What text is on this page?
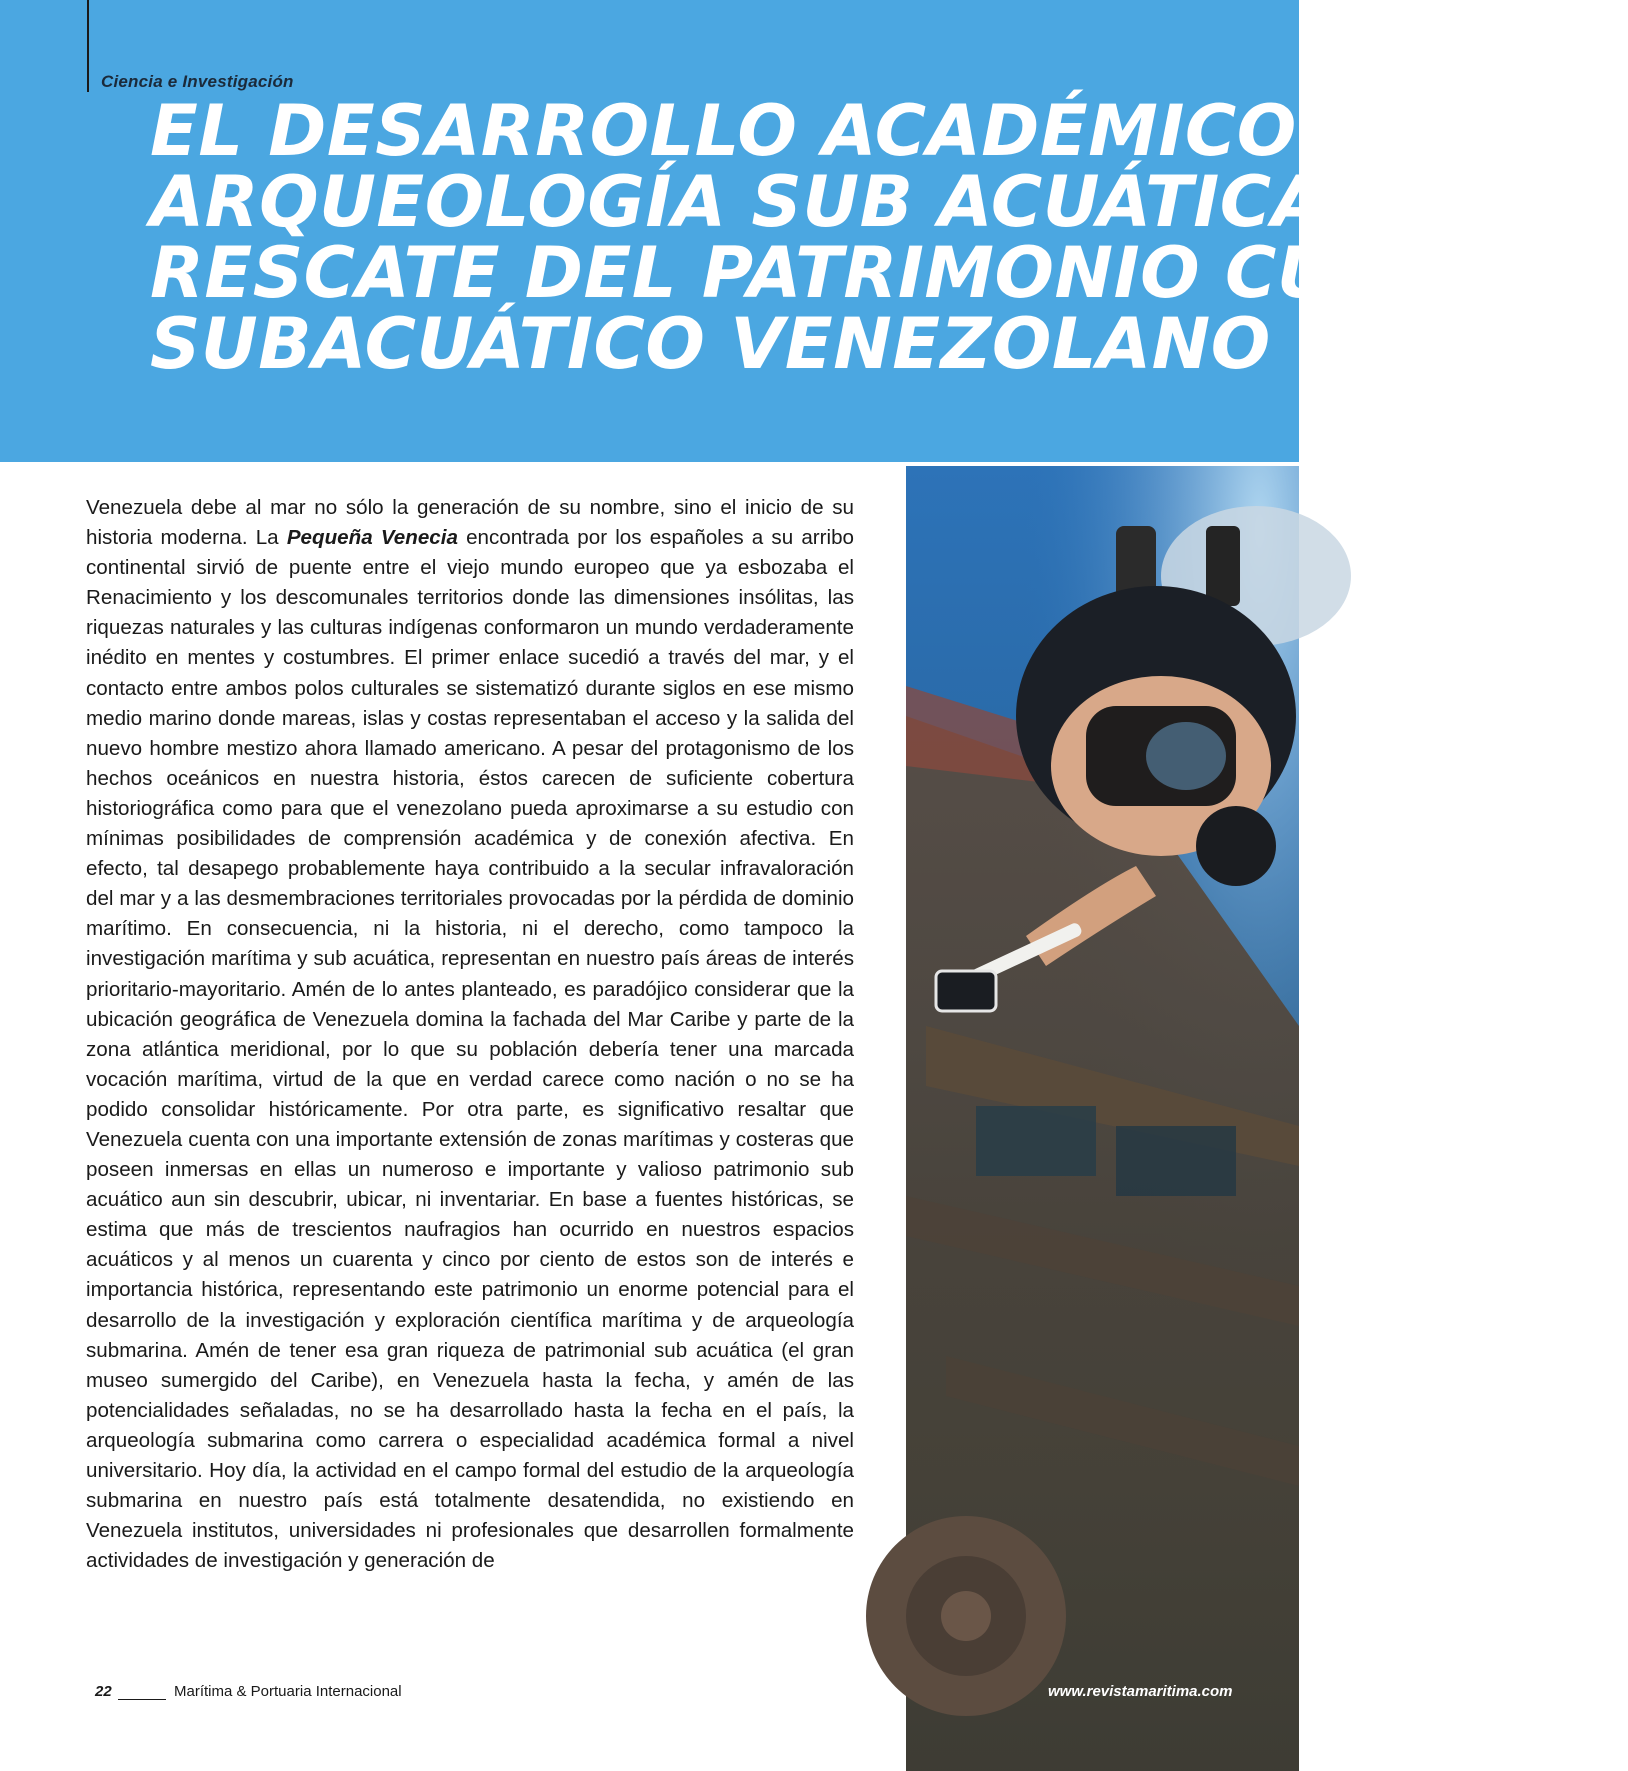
Ciencia e Investigación
EL DESARROLLO ACADÉMICO DE LA
ARQUEOLOGÍA SUB ACUÁTICA Y EL
RESCATE DEL PATRIMONIO CULTURAL
SUBACUÁTICO VENEZOLANO

Venezuela debe al mar no sólo la generación de su nombre, sino el inicio de su historia moderna. La Pequeña Venecia encontrada por los españoles a su arribo continental sirvió de puente entre el viejo mundo europeo que ya esbozaba el Renacimiento y los descomunales territorios donde las dimensiones insólitas, las riquezas naturales y las culturas indígenas conformaron un mundo verdaderamente inédito en mentes y costumbres. El primer enlace sucedió a través del mar, y el contacto entre ambos polos culturales se sistematizó durante siglos en ese mismo medio marino donde mareas, islas y costas representaban el acceso y la salida del nuevo hombre mestizo ahora llamado americano. A pesar del protagonismo de los hechos oceánicos en nuestra historia, éstos carecen de suficiente cobertura historiográfica como para que el venezolano pueda aproximarse a su estudio con mínimas posibilidades de comprensión académica y de conexión afectiva. En efecto, tal desapego probablemente haya contribuido a la secular infravaloración del mar y a las desmembraciones territoriales provocadas por la pérdida de dominio marítimo. En consecuencia, ni la historia, ni el derecho, como tampoco la investigación marítima y sub acuática, representan en nuestro país áreas de interés prioritario-mayoritario. Amén de lo antes planteado, es paradójico considerar que la ubicación geográfica de Venezuela domina la fachada del Mar Caribe y parte de la zona atlántica meridional, por lo que su población debería tener una marcada vocación marítima, virtud de la que en verdad carece como nación o no se ha podido consolidar históricamente. Por otra parte, es significativo resaltar que Venezuela cuenta con una importante extensión de zonas marítimas y costeras que poseen inmersas en ellas un numeroso e importante y valioso patrimonio sub acuático aun sin descubrir, ubicar, ni inventariar. En base a fuentes históricas, se estima que más de trescientos naufragios han ocurrido en nuestros espacios acuáticos y al menos un cuarenta y cinco por ciento de estos son de interés e importancia histórica, representando este patrimonio un enorme potencial para el desarrollo de la investigación y exploración científica marítima y de arqueología submarina. Amén de tener esa gran riqueza de patrimonial sub acuática (el gran museo sumergido del Caribe), en Venezuela hasta la fecha, y amén de las potencialidades señaladas, no se ha desarrollado hasta la fecha en el país, la arqueología submarina como carrera o especialidad académica formal a nivel universitario. Hoy día, la actividad en el campo formal del estudio de la arqueología submarina en nuestro país está totalmente desatendida, no existiendo en Venezuela institutos, universidades ni profesionales que desarrollen formalmente actividades de investigación y generación de

22	Marítima & Portuaria Internacional	www.revistamaritima.com
